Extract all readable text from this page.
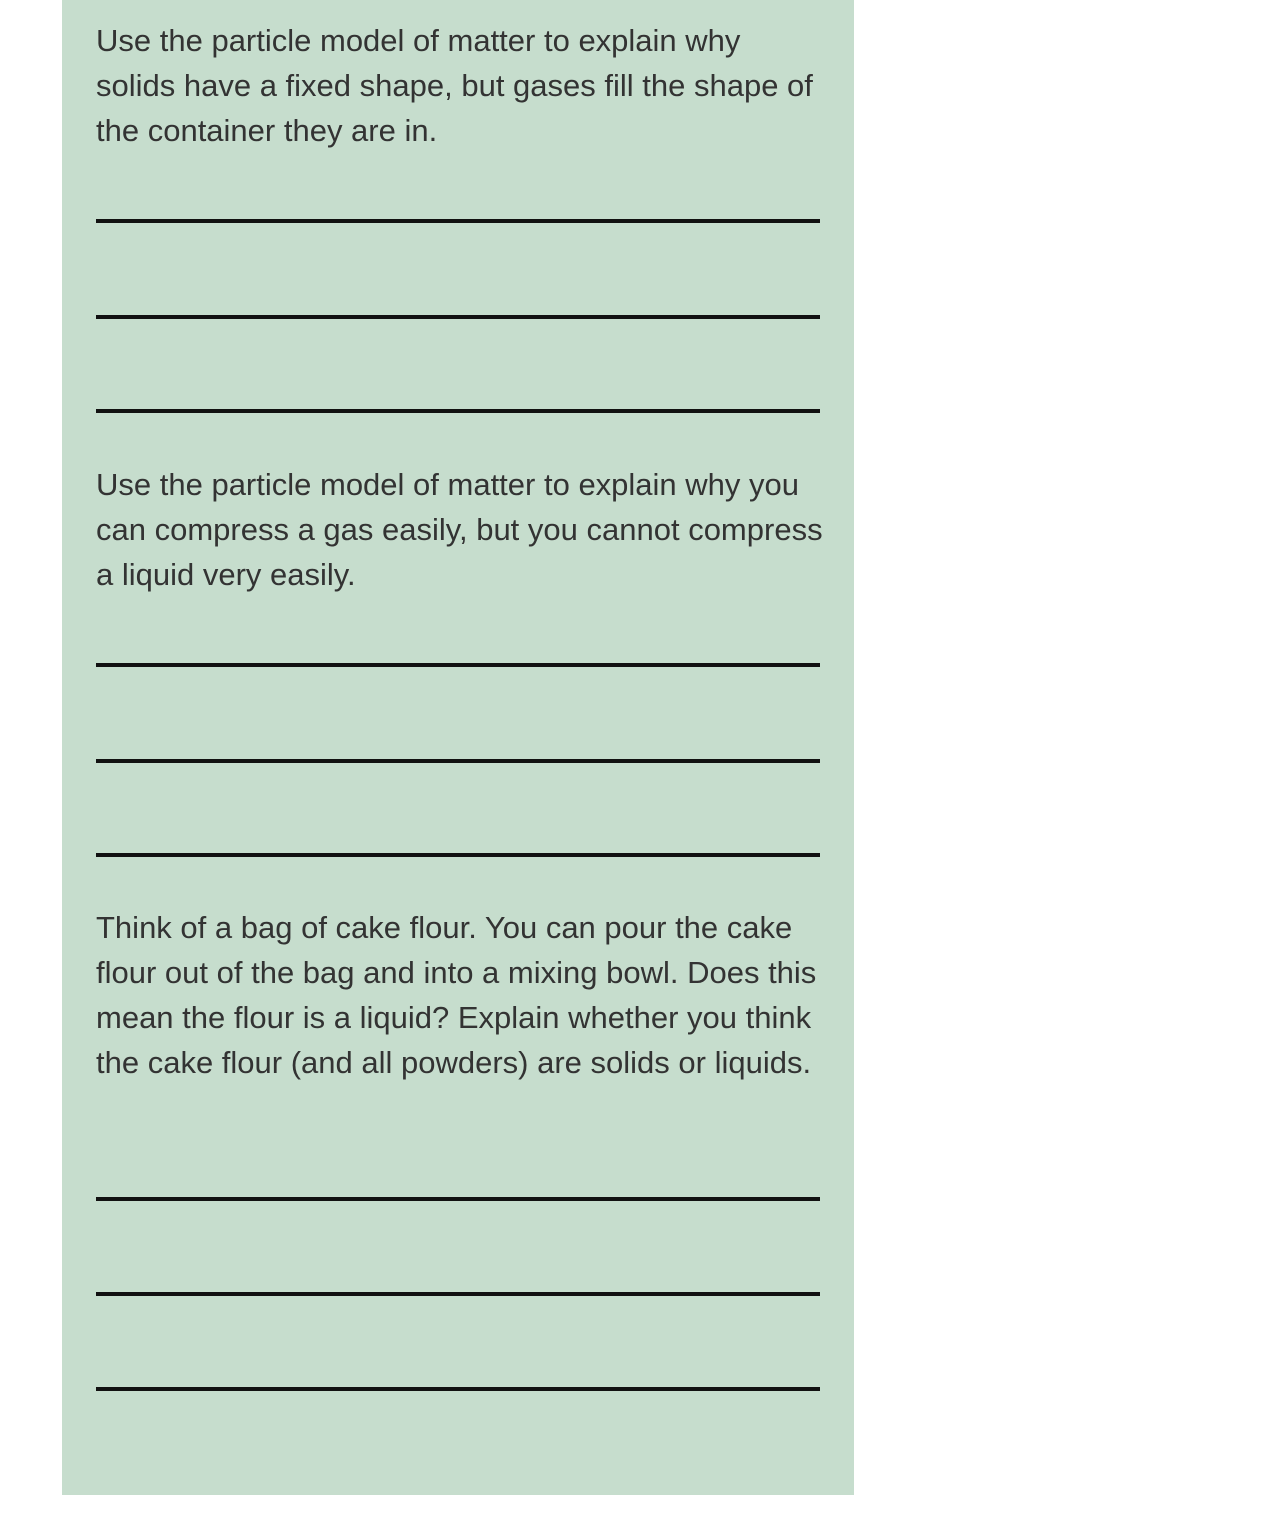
Use the particle model of matter to explain why solids have a fixed shape, but gases fill the shape of the container they are in.

Use the particle model of matter to explain why you can compress a gas easily, but you cannot compress a liquid very easily.

Think of a bag of cake flour. You can pour the cake flour out of the bag and into a mixing bowl. Does this mean the flour is a liquid? Explain whether you think the cake flour (and all powders) are solids or liquids.
